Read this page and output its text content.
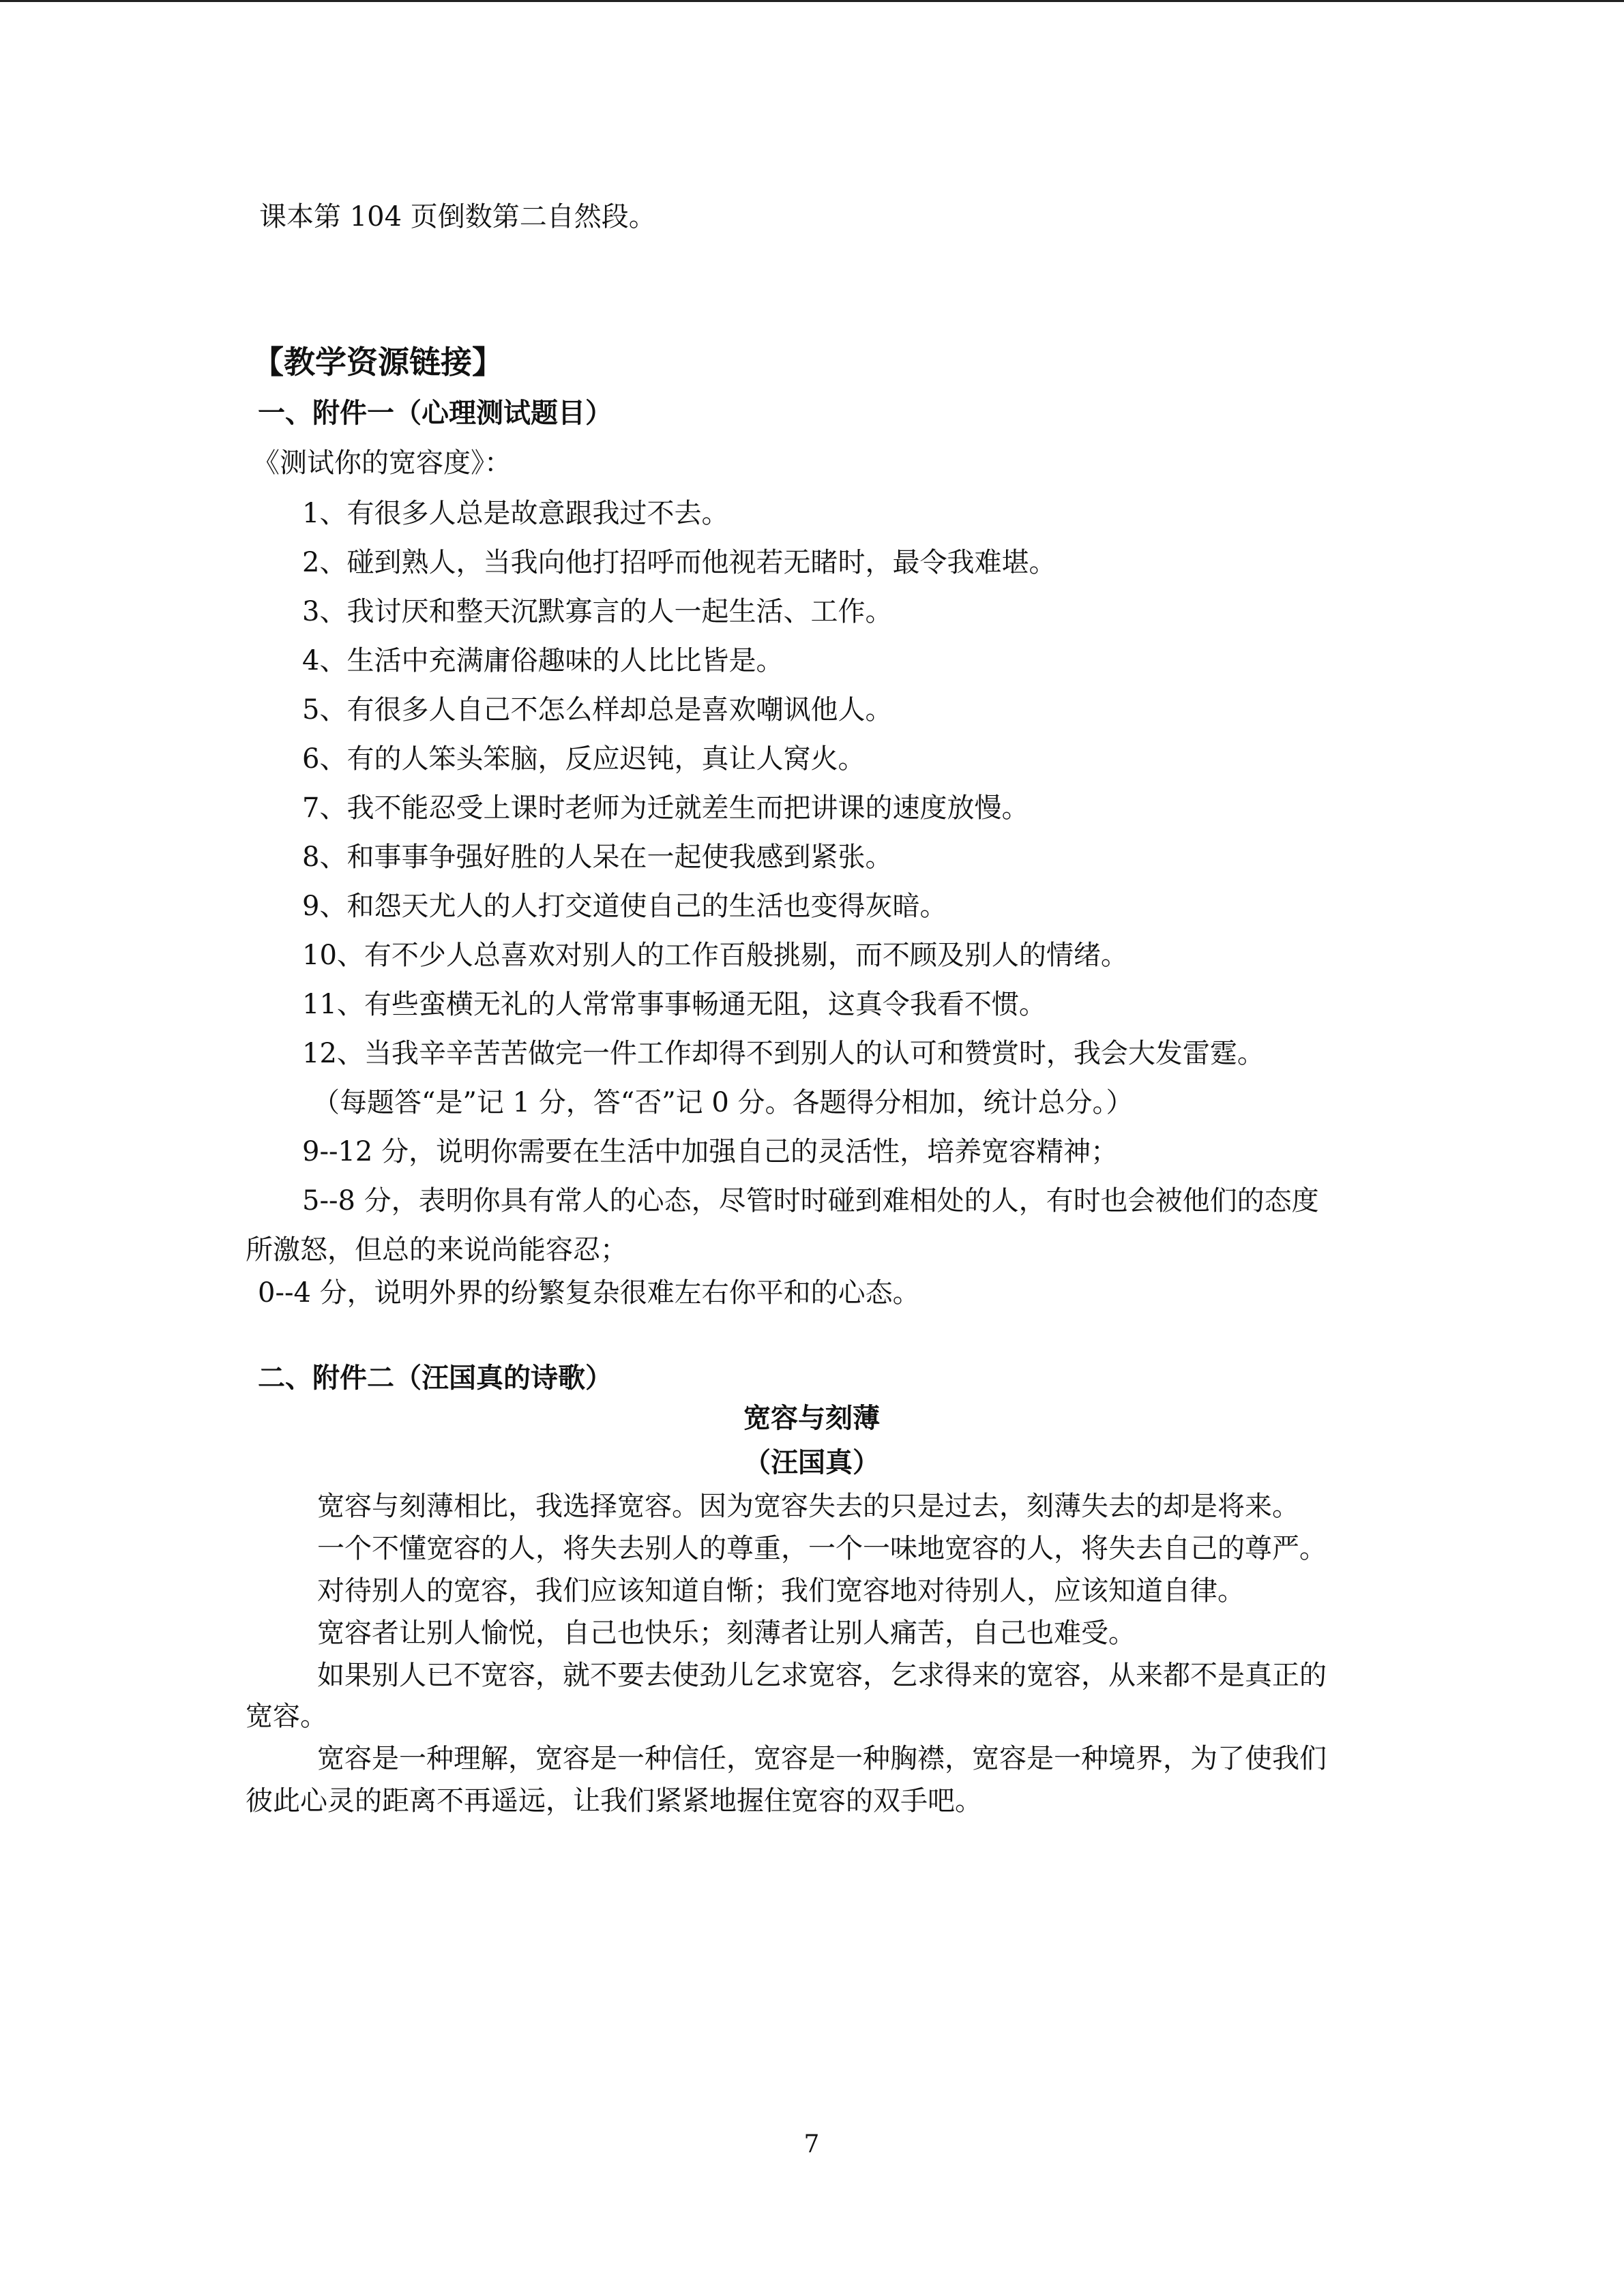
课本第 104 页倒数第二自然段。
【教学资源链接】
一、附件一（心理测试题目）
《测试你的宽容度》：
1、有很多人总是故意跟我过不去。
2、碰到熟人，当我向他打招呼而他视若无睹时，最令我难堪。
3、我讨厌和整天沉默寡言的人一起生活、工作。
4、生活中充满庸俗趣味的人比比皆是。
5、有很多人自己不怎么样却总是喜欢嘲讽他人。
6、有的人笨头笨脑，反应迟钝，真让人窝火。
7、我不能忍受上课时老师为迁就差生而把讲课的速度放慢。
8、和事事争强好胜的人呆在一起使我感到紧张。
9、和怨天尤人的人打交道使自己的生活也变得灰暗。
10、有不少人总喜欢对别人的工作百般挑剔，而不顾及别人的情绪。
11、有些蛮横无礼的人常常事事畅通无阻，这真令我看不惯。
12、当我辛辛苦苦做完一件工作却得不到别人的认可和赞赏时，我会大发雷霆。
（每题答“是”记 1 分，答“否”记 0 分。各题得分相加，统计总分。）
9--12 分，说明你需要在生活中加强自己的灵活性，培养宽容精神；
5--8 分，表明你具有常人的心态，尽管时时碰到难相处的人，有时也会被他们的态度
所激怒，但总的来说尚能容忍；
0--4 分，说明外界的纷繁复杂很难左右你平和的心态。
二、附件二（汪国真的诗歌）
宽容与刻薄
（汪国真）
宽容与刻薄相比，我选择宽容。因为宽容失去的只是过去，刻薄失去的却是将来。
一个不懂宽容的人，将失去别人的尊重，一个一味地宽容的人，将失去自己的尊严。
对待别人的宽容，我们应该知道自惭；我们宽容地对待别人，应该知道自律。
宽容者让别人愉悦，自己也快乐；刻薄者让别人痛苦，自己也难受。
如果别人已不宽容，就不要去使劲儿乞求宽容，乞求得来的宽容，从来都不是真正的
宽容。
宽容是一种理解，宽容是一种信任，宽容是一种胸襟，宽容是一种境界，为了使我们
彼此心灵的距离不再遥远，让我们紧紧地握住宽容的双手吧。
7
